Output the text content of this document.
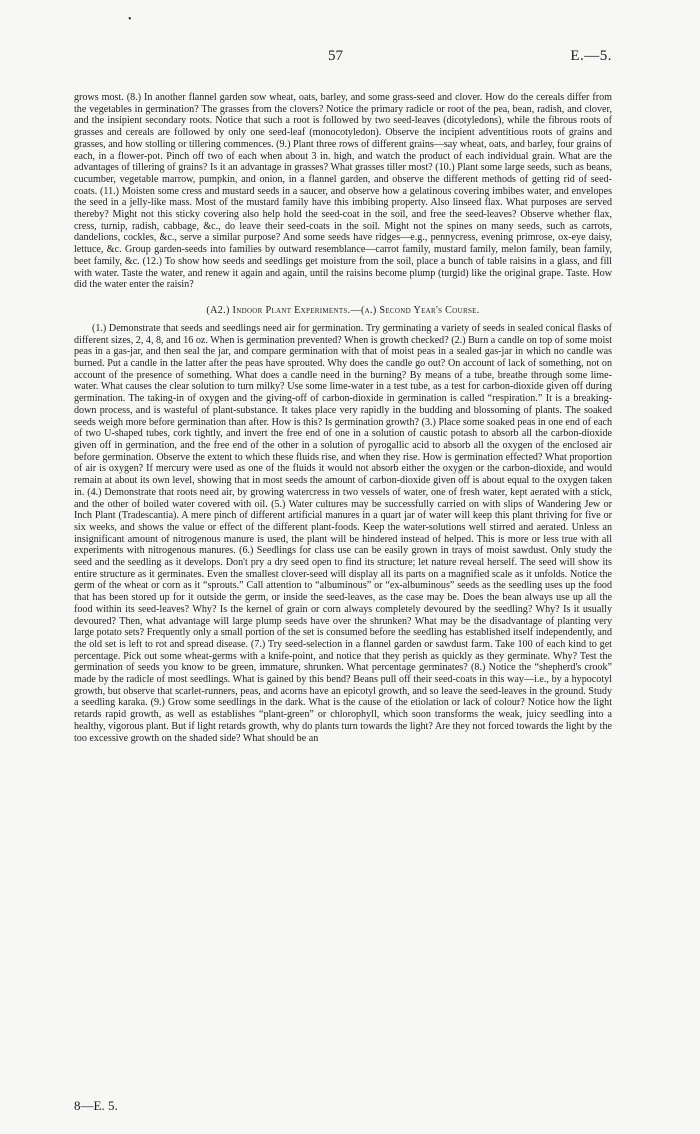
•
57	E.—5.

grows most. (8.) In another flannel garden sow wheat, oats, barley, and some grass-seed and clover. How do the cereals differ from the vegetables in germination? The grasses from the clovers? Notice the primary radicle or root of the pea, bean, radish, and clover, and the insipient secondary roots. Notice that such a root is followed by two seed-leaves (dicotyledons), while the fibrous roots of grasses and cereals are followed by only one seed-leaf (monocotyledon). Observe the incipient adventitious roots of grains and grasses, and how stolling or tillering commences. (9.) Plant three rows of different grains—say wheat, oats, and barley, four grains of each, in a flower-pot. Pinch off two of each when about 3 in. high, and watch the product of each individual grain. What are the advantages of tillering of grains? Is it an advantage in grasses? What grasses tiller most? (10.) Plant some large seeds, such as beans, cucumber, vegetable marrow, pumpkin, and onion, in a flannel garden, and observe the different methods of getting rid of seed-coats. (11.) Moisten some cress and mustard seeds in a saucer, and observe how a gelatinous covering imbibes water, and envelopes the seed in a jelly-like mass. Most of the mustard family have this imbibing property. Also linseed flax. What purposes are served thereby? Might not this sticky covering also help hold the seed-coat in the soil, and free the seed-leaves? Observe whether flax, cress, turnip, radish, cabbage, &c., do leave their seed-coats in the soil. Might not the spines on many seeds, such as carrots, dandelions, cockles, &c., serve a similar purpose? And some seeds have ridges—e.g., pennycress, evening primrose, ox-eye daisy, lettuce, &c. Group garden-seeds into families by outward resemblance—carrot family, mustard family, melon family, bean family, beet family, &c. (12.) To show how seeds and seedlings get moisture from the soil, place a bunch of table raisins in a glass, and fill with water. Taste the water, and renew it again and again, until the raisins become plump (turgid) like the original grape. Taste. How did the water enter the raisin?

(A2.) Indoor Plant Experiments.—(a.) Second Year's Course.

(1.) Demonstrate that seeds and seedlings need air for germination. Try germinating a variety of seeds in sealed conical flasks of different sizes, 2, 4, 8, and 16 oz. When is germination prevented? When is growth checked? (2.) Burn a candle on top of some moist peas in a gas-jar, and then seal the jar, and compare germination with that of moist peas in a sealed gas-jar in which no candle was burned. Put a candle in the latter after the peas have sprouted. Why does the candle go out? On account of lack of something, not on account of the presence of something. What does a candle need in the burning? By means of a tube, breathe through some lime-water. What causes the clear solution to turn milky? Use some lime-water in a test tube, as a test for carbon-dioxide given off during germination. The taking-in of oxygen and the giving-off of carbon-dioxide in germination is called “respiration.” It is a breaking-down process, and is wasteful of plant-substance. It takes place very rapidly in the budding and blossoming of plants. The soaked seeds weigh more before germination than after. How is this? Is germination growth? (3.) Place some soaked peas in one end of each of two U-shaped tubes, cork tightly, and invert the free end of one in a solution of caustic potash to absorb all the carbon-dioxide given off in germination, and the free end of the other in a solution of pyrogallic acid to absorb all the oxygen of the enclosed air before germination. Observe the extent to which these fluids rise, and when they rise. How is germination effected? What proportion of air is oxygen? If mercury were used as one of the fluids it would not absorb either the oxygen or the carbon-dioxide, and would remain at about its own level, showing that in most seeds the amount of carbon-dioxide given off is about equal to the oxygen taken in. (4.) Demonstrate that roots need air, by growing watercress in two vessels of water, one of fresh water, kept aerated with a stick, and the other of boiled water covered with oil. (5.) Water cultures may be successfully carried on with slips of Wandering Jew or Inch Plant (Tradescantia). A mere pinch of different artificial manures in a quart jar of water will keep this plant thriving for five or six weeks, and shows the value or effect of the different plant-foods. Keep the water-solutions well stirred and aerated. Unless an insignificant amount of nitrogenous manure is used, the plant will be hindered instead of helped. This is more or less true with all experiments with nitrogenous manures. (6.) Seedlings for class use can be easily grown in trays of moist sawdust. Only study the seed and the seedling as it develops. Don't pry a dry seed open to find its structure; let nature reveal herself. The seed will show its entire structure as it germinates. Even the smallest clover-seed will display all its parts on a magnified scale as it unfolds. Notice the germ of the wheat or corn as it “sprouts.” Call attention to “albuminous” or “ex-albuminous” seeds as the seedling uses up the food that has been stored up for it outside the germ, or inside the seed-leaves, as the case may be. Does the bean always use up all the food within its seed-leaves? Why? Is the kernel of grain or corn always completely devoured by the seedling? Why? Is it usually devoured? Then, what advantage will large plump seeds have over the shrunken? What may be the disadvantage of planting very large potato sets? Frequently only a small portion of the set is consumed before the seedling has established itself independently, and the old set is left to rot and spread disease. (7.) Try seed-selection in a flannel garden or sawdust farm. Take 100 of each kind to get percentage. Pick out some wheat-germs with a knife-point, and notice that they perish as quickly as they germinate. Why? Test the germination of seeds you know to be green, immature, shrunken. What percentage germinates? (8.) Notice the “shepherd's crook” made by the radicle of most seedlings. What is gained by this bend? Beans pull off their seed-coats in this way—i.e., by a hypocotyl growth, but observe that scarlet-runners, peas, and acorns have an epicotyl growth, and so leave the seed-leaves in the ground. Study a seedling karaka. (9.) Grow some seedlings in the dark. What is the cause of the etiolation or lack of colour? Notice how the light retards rapid growth, as well as establishes “plant-green” or chlorophyll, which soon transforms the weak, juicy seedling into a healthy, vigorous plant. But if light retards growth, why do plants turn towards the light? Are they not forced towards the light by the too excessive growth on the shaded side? What should be an

8—E. 5.
